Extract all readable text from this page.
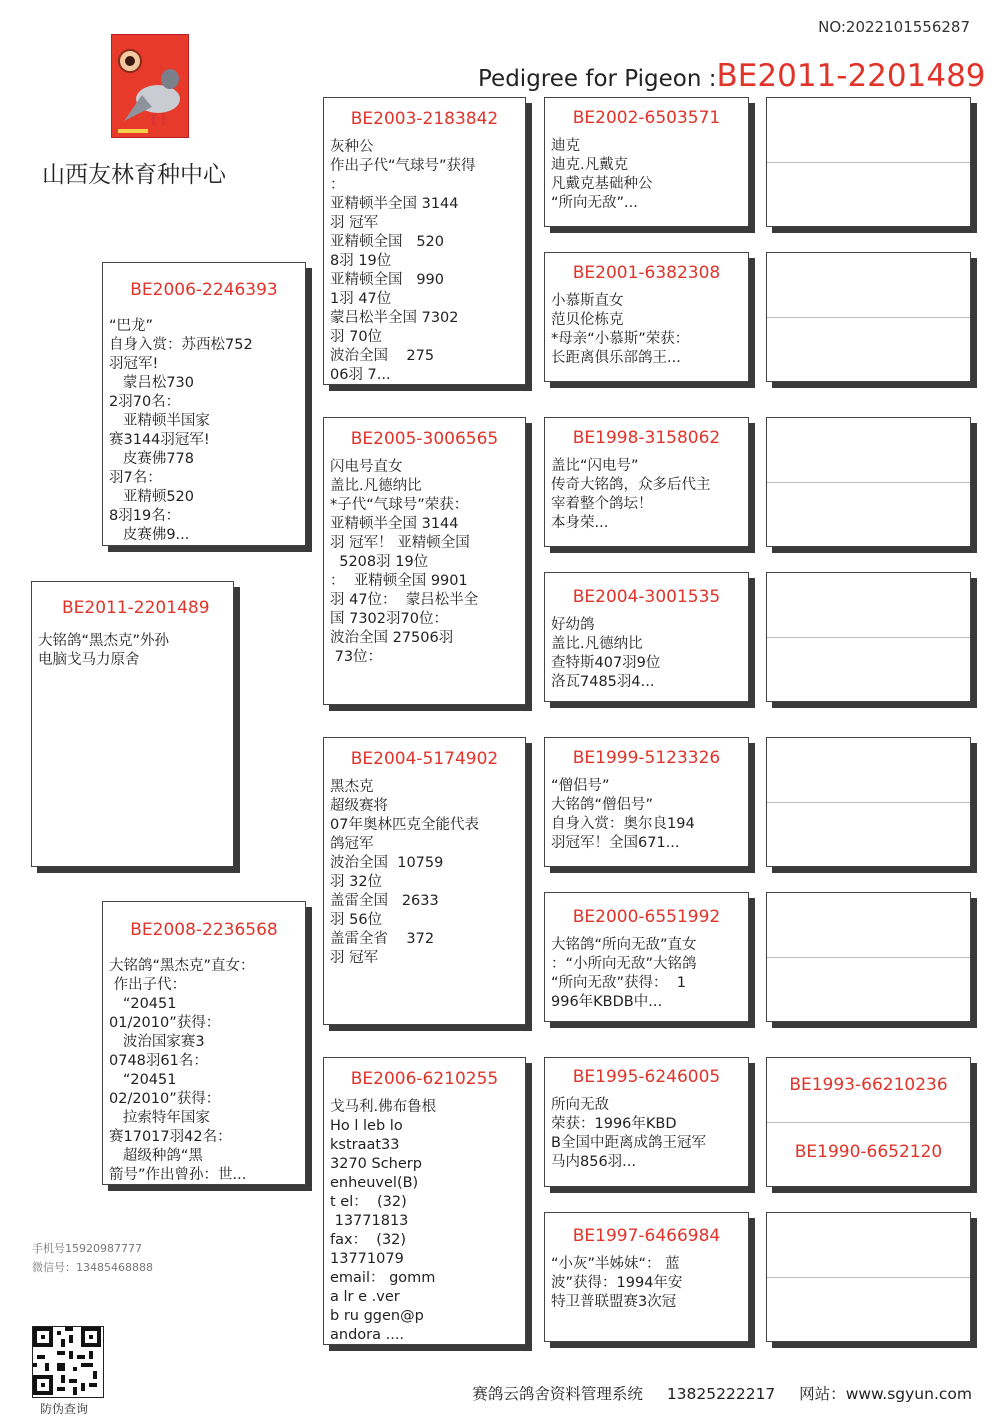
NO:2022101556287
Pedigree for Pigeon :BE2011-2201489
山西友林育种中心
BE2011-2201489
大铭鸽“黑杰克”外孙
电脑戈马力原舍
BE2006-2246393
“巴龙”
自身入赏：苏西松752
羽冠军!
蒙吕松730
2羽70名：
亚精顿半国家
赛3144羽冠军!
皮赛佛778
羽7名：
亚精顿520
8羽19名：
皮赛佛9...
BE2008-2236568
大铭鸽“黑杰克”直女：
作出子代：
“20451
01/2010”获得：
波治国家赛3
0748羽61名：
“20451
02/2010”获得：
拉索特年国家
赛17017羽42名：
超级种鸽“黑
箭号”作出曾孙：世...
BE2003-2183842
灰种公
作出子代“气球号”获得
：
亚精顿半全国 3144
羽 冠军
亚精顿全国   520
8羽 19位
亚精顿全国   990
1羽 47位
蒙吕松半全国 7302
羽 70位
波治全国    275
06羽 7...
BE2005-3006565
闪电号直女
盖比.凡德纳比
*子代“气球号”荣获：
亚精顿半全国 3144
羽 冠军！ 亚精顿全国
5208羽 19位
：  亚精顿全国 9901
羽 47位：  蒙吕松半全
国 7302羽70位：
波治全国 27506羽
73位：
BE2004-5174902
黑杰克
超级赛将
07年奥林匹克全能代表
鸽冠军
波治全国  10759
羽 32位
盖雷全国   2633
羽 56位
盖雷全省    372
羽 冠军
BE2006-6210255
戈马利.佛布鲁根
Ho l leb lo
kstraat33
3270 Scherp
enheuvel(B)
t el：  (32)
13771813
fax：  (32)
13771079
email： gomm
a lr e .ver
b ru ggen@p
andora ....
BE2002-6503571
迪克
迪克.凡戴克
凡戴克基础种公
“所向无敌”...
BE2001-6382308
小慕斯直女
范贝伦栋克
*母亲“小慕斯”荣获：
长距离俱乐部鸽王...
BE1998-3158062
盖比“闪电号”
传奇大铭鸽，众多后代主
宰着整个鸽坛！
本身荣...
BE2004-3001535
好幼鸽
盖比.凡德纳比
查特斯407羽9位
洛瓦7485羽4...
BE1999-5123326
“僧侣号”
大铭鸽“僧侣号”
自身入赏：奥尔良194
羽冠军！全国671...
BE2000-6551992
大铭鸽“所向无敌”直女
：“小所向无敌”大铭鸽
“所向无敌”获得：  1
996年KBDB中...
BE1995-6246005
所向无敌
荣获：1996年KBD
B全国中距离成鸽王冠军
马内856羽...
BE1997-6466984
“小灰”半姊妹“： 蓝
波”获得：1994年安
特卫普联盟赛3次冠
BE1993-66210236
BE1990-6652120
手机号15920987777
微信号：13485468888
防伪查询
赛鸽云鸽舍资料管理系统 13825222217 网站：www.sgyun.com
